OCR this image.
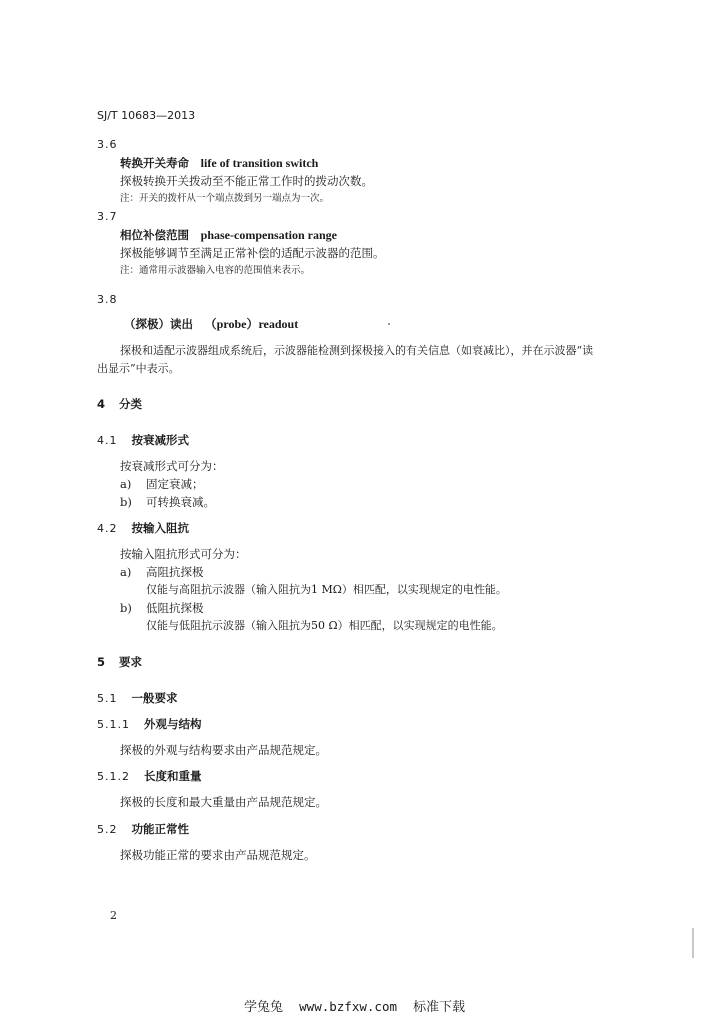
SJ/T 10683—2013
3.6
转换开关寿命 life of transition switch
探极转换开关拨动至不能正常工作时的拨动次数。
注：开关的拨杆从一个端点拨到另一端点为一次。
3.7
相位补偿范围 phase-compensation range
探极能够调节至满足正常补偿的适配示波器的范围。
注：通常用示波器输入电容的范围值来表示。
3.8
（探极）读出 （probe）readout
探极和适配示波器组成系统后，示波器能检测到探极接入的有关信息（如衰减比），并在示波器“读
出显示”中表示。
4 分类
4.1 按衰减形式
按衰减形式可分为：
a) 固定衰减；
b) 可转换衰减。
4.2 按输入阻抗
按输入阻抗形式可分为：
a) 高阻抗探极
仅能与高阻抗示波器（输入阻抗为1 MΩ）相匹配，以实现规定的电性能。
b) 低阻抗探极
仅能与低阻抗示波器（输入阻抗为50 Ω）相匹配，以实现规定的电性能。
5 要求
5.1 一般要求
5.1.1 外观与结构
探极的外观与结构要求由产品规范规定。
5.1.2 长度和重量
探极的长度和最大重量由产品规范规定。
5.2 功能正常性
探极功能正常的要求由产品规范规定。
2
学兔兔 www.bzfxw.com 标准下载
